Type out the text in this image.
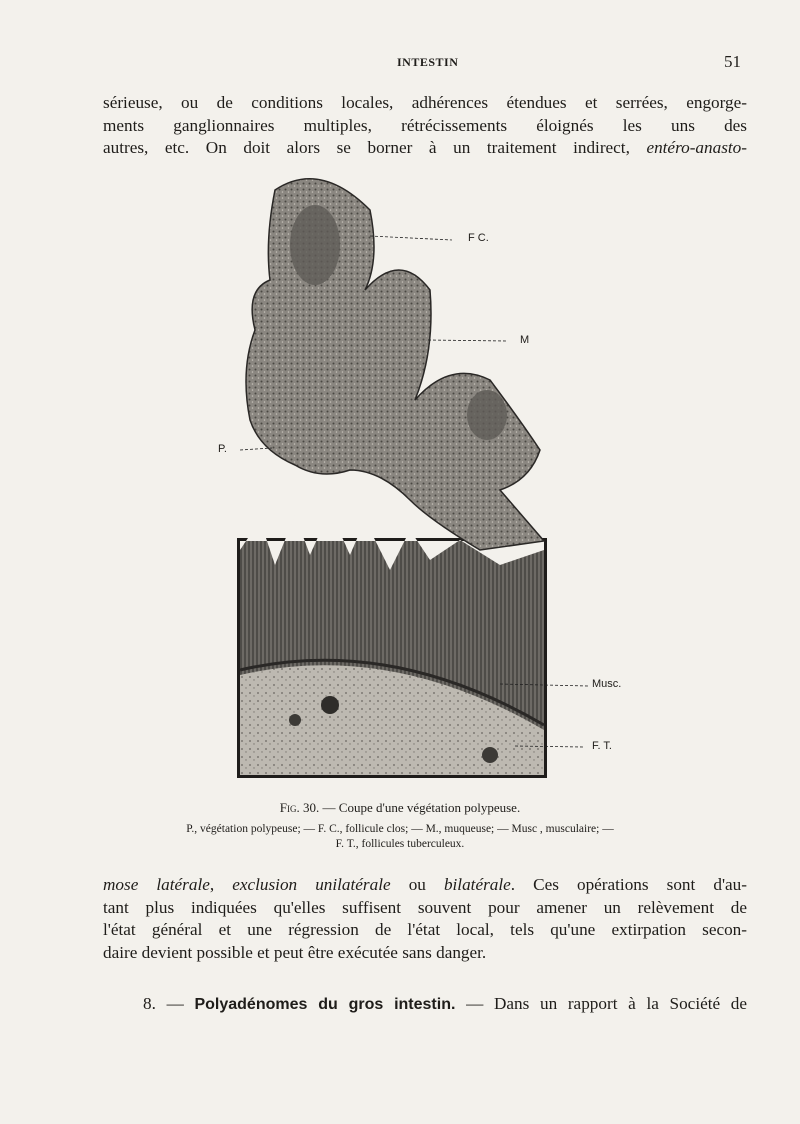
INTESTIN	51
sérieuse, ou de conditions locales, adhérences étendues et serrées, engorge-
ments ganglionnaires multiples, rétrécissements éloignés les uns des
autres, etc. On doit alors se borner à un traitement indirect, entéro-anasto-
F C.
M
P.
Musc.
F. T.
Fig. 30. — Coupe d'une végétation polypeuse.
P., végétation polypeuse; — F. C., follicule clos; — M., muqueuse; — Musc , musculaire; —
F. T., follicules tuberculeux.
mose latérale, exclusion unilatérale ou bilatérale. Ces opérations sont d'au-
tant plus indiquées qu'elles suffisent souvent pour amener un relèvement de
l'état général et une régression de l'état local, tels qu'une extirpation secon-
daire devient possible et peut être exécutée sans danger.
8. — Polyadénomes du gros intestin. — Dans un rapport à la Société de
